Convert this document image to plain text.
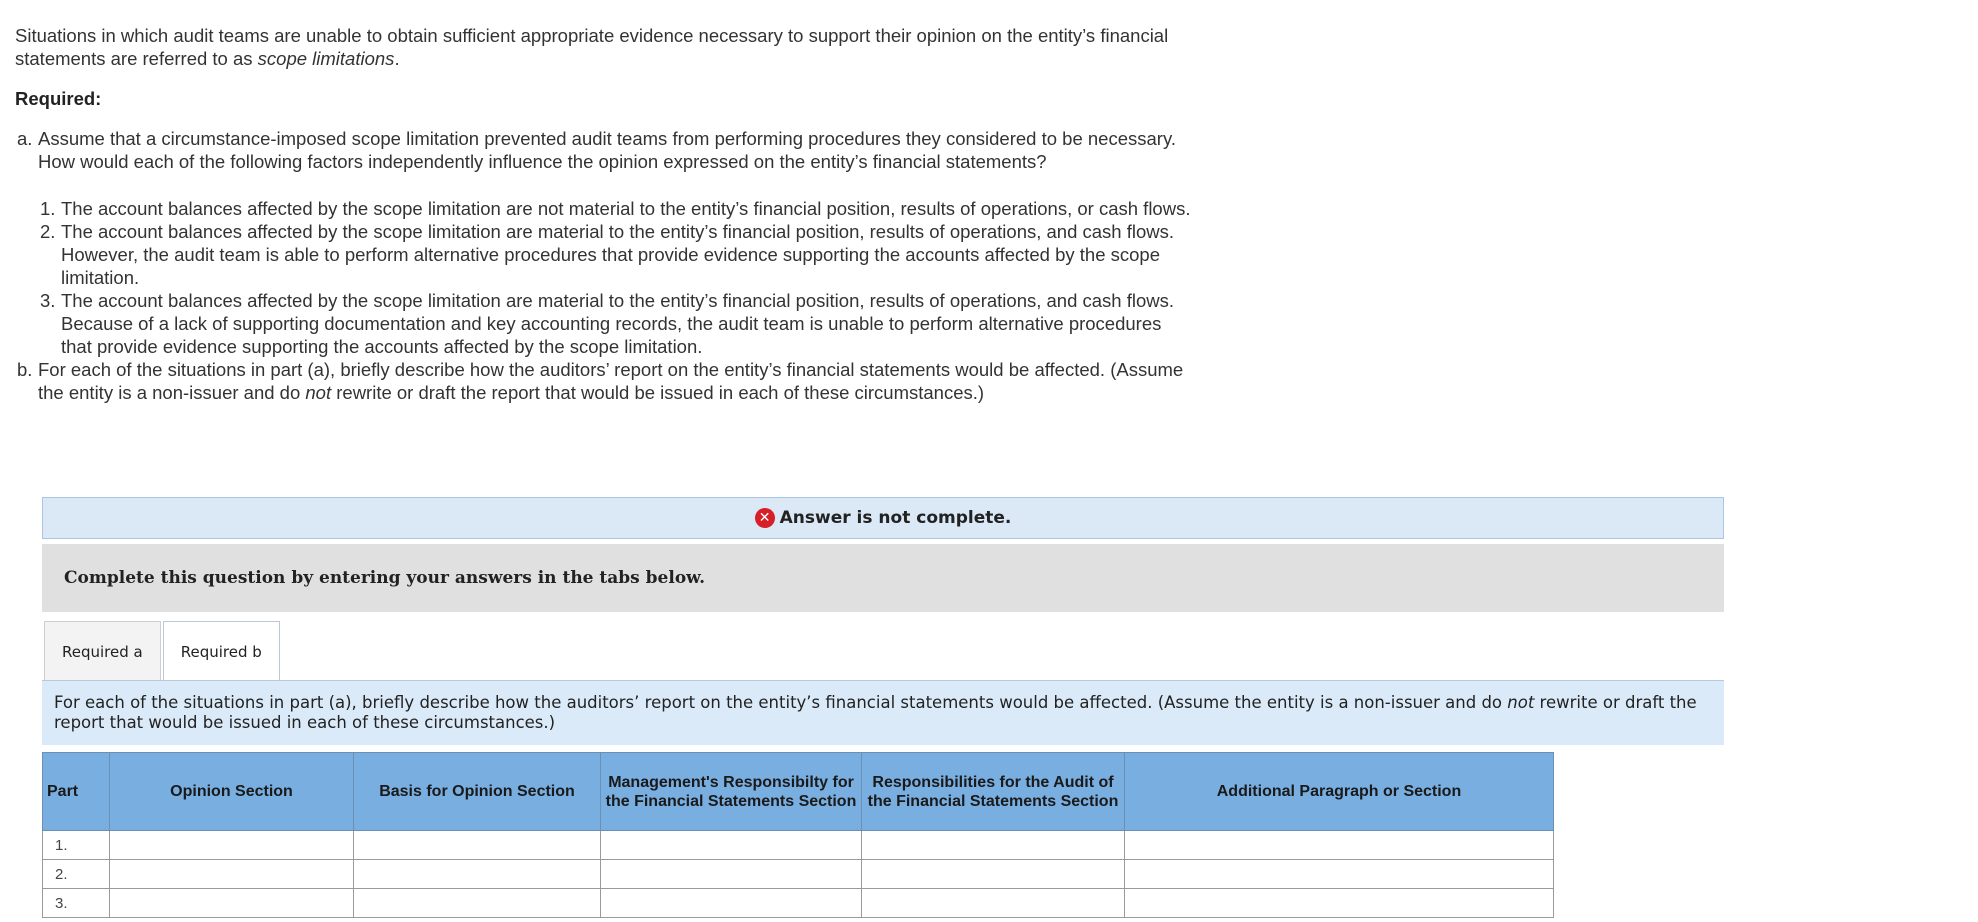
Situations in which audit teams are unable to obtain sufficient appropriate evidence necessary to support their opinion on the entity’s financial statements are referred to as scope limitations.

Required:

a. Assume that a circumstance-imposed scope limitation prevented audit teams from performing procedures they considered to be necessary. How would each of the following factors independently influence the opinion expressed on the entity’s financial statements?
1. The account balances affected by the scope limitation are not material to the entity’s financial position, results of operations, or cash flows.
2. The account balances affected by the scope limitation are material to the entity’s financial position, results of operations, and cash flows. However, the audit team is able to perform alternative procedures that provide evidence supporting the accounts affected by the scope limitation.
3. The account balances affected by the scope limitation are material to the entity’s financial position, results of operations, and cash flows. Because of a lack of supporting documentation and key accounting records, the audit team is unable to perform alternative procedures that provide evidence supporting the accounts affected by the scope limitation.
b. For each of the situations in part (a), briefly describe how the auditors’ report on the entity’s financial statements would be affected. (Assume the entity is a non-issuer and do not rewrite or draft the report that would be issued in each of these circumstances.)
✕ Answer is not complete.
Complete this question by entering your answers in the tabs below.
Required a	Required b
For each of the situations in part (a), briefly describe how the auditors’ report on the entity’s financial statements would be affected. (Assume the entity is a non-issuer and do not rewrite or draft the report that would be issued in each of these circumstances.)
Part	Opinion Section	Basis for Opinion Section	Management's Responsibilty for the Financial Statements Section	Responsibilities for the Audit of the Financial Statements Section	Additional Paragraph or Section
1.					
2.					
3.					
